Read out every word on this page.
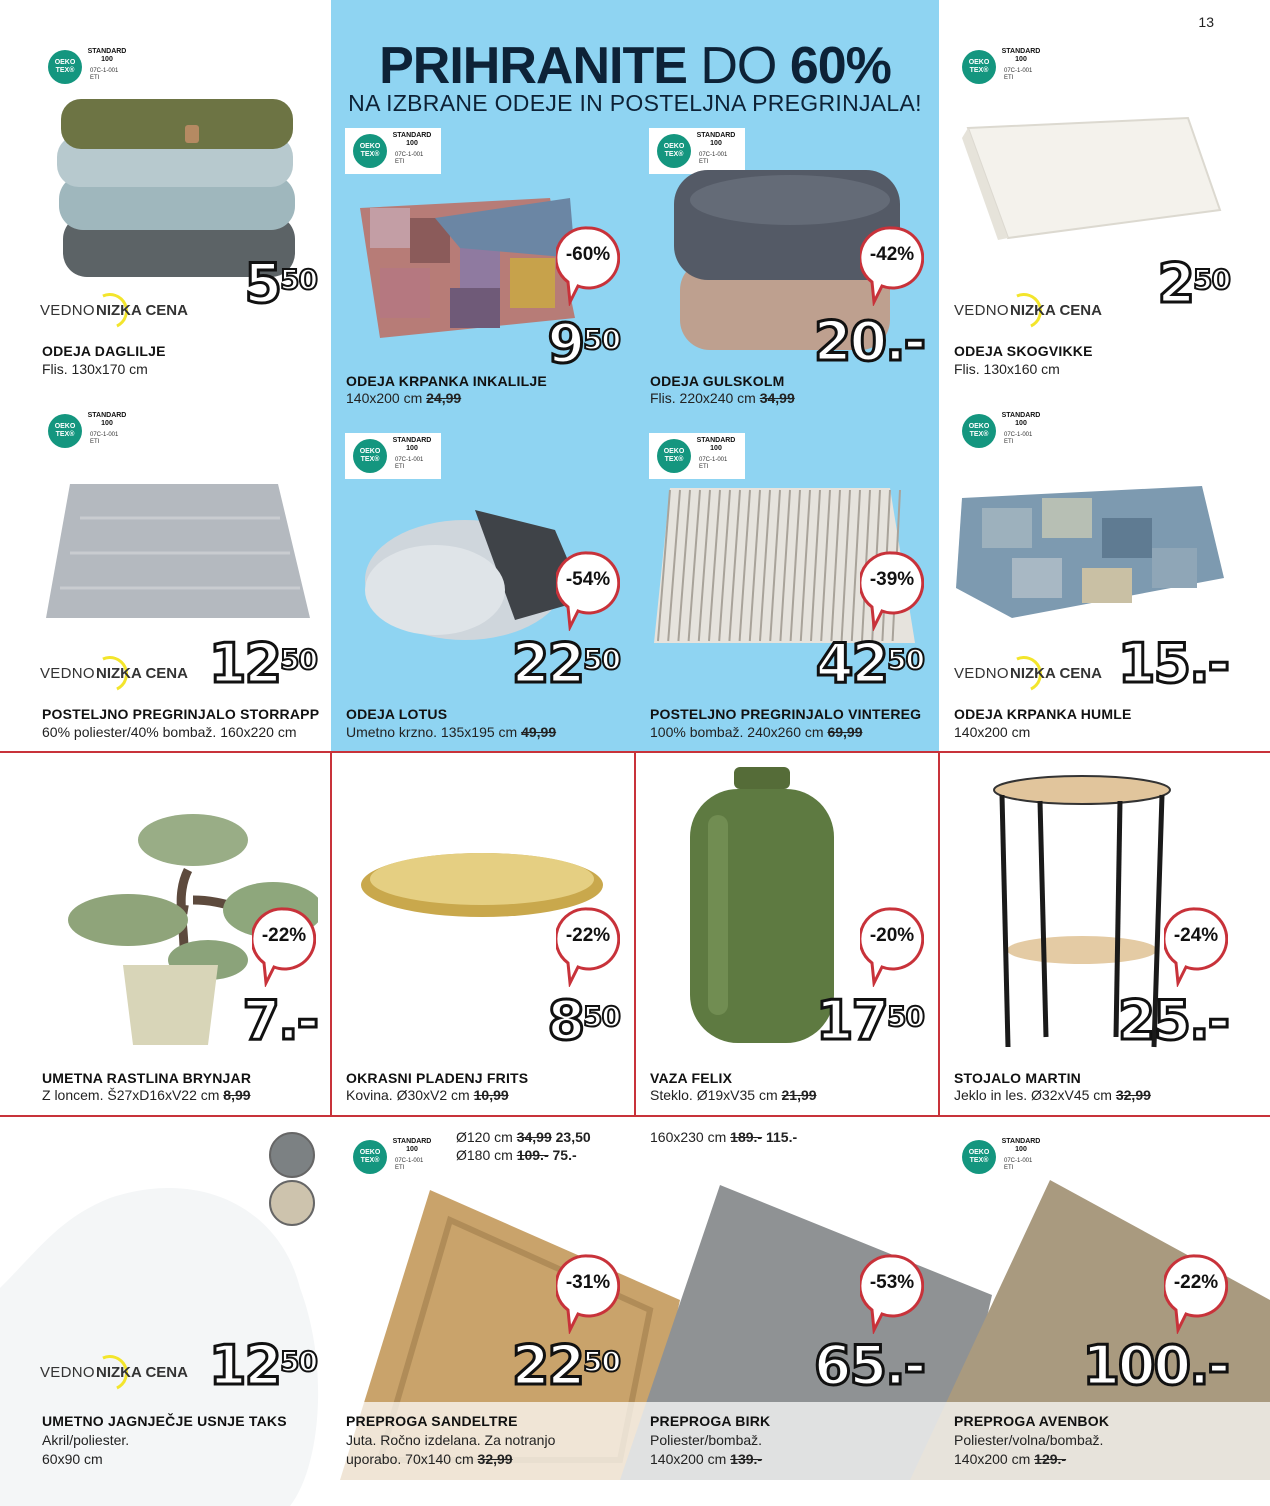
13
PRIHRANITE DO 60%
NA IZBRANE ODEJE IN POSTELJNA PREGRINJALA!
OEKO
TEX®
STANDARD
100
07C-1-001
ETI
OEKO
TEX®
STANDARD
100
07C-1-001
ETI
OEKO
TEX®
STANDARD
100
07C-1-001
ETI
OEKO
TEX®
STANDARD
100
07C-1-001
ETI
OEKO
TEX®
STANDARD
100
07C-1-001
ETI
OEKO
TEX®
STANDARD
100
07C-1-001
ETI
OEKO
TEX®
STANDARD
100
07C-1-001
ETI
OEKO
TEX®
STANDARD
100
07C-1-001
ETI
OEKO
TEX®
STANDARD
100
07C-1-001
ETI
OEKO
TEX®
STANDARD
100
07C-1-001
ETI
-60%	-42%
-54%	-39%
-22%	-22%	-20%	-24%
-31%	-53%	-22%
$5^{50}$
$9^{50}$	20.-
$2^{50}$
$12^{50}$	$22^{50}$	$42^{50}$	15.-
7.-	$8^{50}$	$17^{50}$	25.-
$12^{50}$	$22^{50}$	65.-	100.-
VEDNO NIZKA CENA	VEDNO NIZKA CENA
VEDNO NIZKA CENA	VEDNO NIZKA CENA
VEDNO NIZKA CENA
ODEJA DAGLILJE
Flis. 130x170 cm
ODEJA KRPANKA INKALILJE
140x200 cm 24,99
ODEJA GULSKOLM
Flis. 220x240 cm 34,99
ODEJA SKOGVIKKE
Flis. 130x160 cm
POSTELJNO PREGRINJALO STORRAPP
60% poliester/40% bombaž. 160x220 cm
ODEJA LOTUS
Umetno krzno. 135x195 cm 49,99
POSTELJNO PREGRINJALO VINTEREG
100% bombaž. 240x260 cm 69,99
ODEJA KRPANKA HUMLE
140x200 cm
UMETNA RASTLINA BRYNJAR
Z loncem. Š27xD16xV22 cm 8,99
OKRASNI PLADENJ FRITS
Kovina. Ø30xV2 cm 10,99
VAZA FELIX
Steklo. Ø19xV35 cm 21,99
STOJALO MARTIN
Jeklo in les. Ø32xV45 cm 32,99
Ø120 cm 34,99 23,50
Ø180 cm 109.- 75.-
160x230 cm 189.- 115.-
UMETNO JAGNJEČJE USNJE TAKS
Akril/poliester.
60x90 cm
PREPROGA SANDELTRE
Juta. Ročno izdelana. Za notranjo
uporabo. 70x140 cm 32,99
PREPROGA BIRK
Poliester/bombaž.
140x200 cm 139.-
PREPROGA AVENBOK
Poliester/volna/bombaž.
140x200 cm 129.-
